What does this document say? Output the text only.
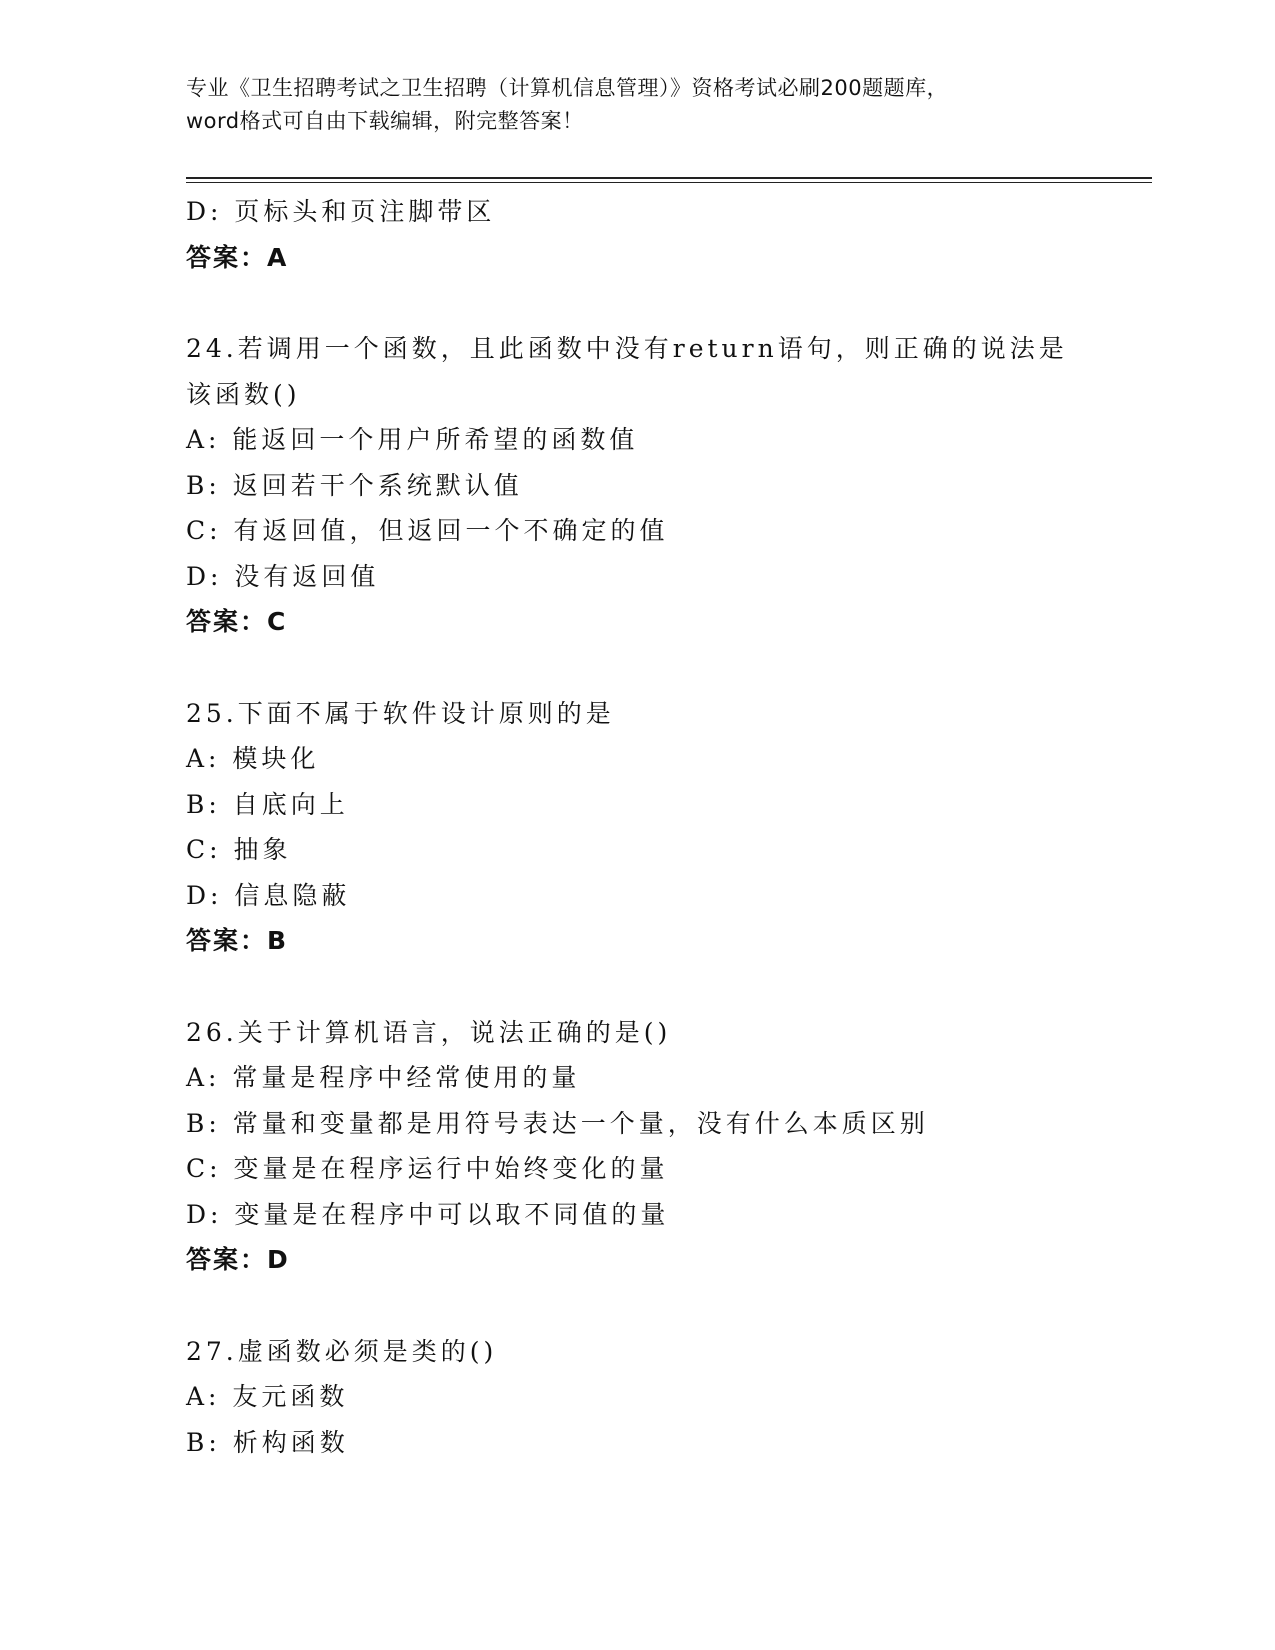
专业《卫生招聘考试之卫生招聘（计算机信息管理）》资格考试必刷200题题库，
word格式可自由下载编辑，附完整答案！
D: 页标头和页注脚带区
答案：A
24.若调用一个函数，且此函数中没有return语句，则正确的说法是
该函数()
A: 能返回一个用户所希望的函数值
B: 返回若干个系统默认值
C: 有返回值，但返回一个不确定的值
D: 没有返回值
答案：C
25.下面不属于软件设计原则的是
A: 模块化
B: 自底向上
C: 抽象
D: 信息隐蔽
答案：B
26.关于计算机语言，说法正确的是()
A: 常量是程序中经常使用的量
B: 常量和变量都是用符号表达一个量，没有什么本质区别
C: 变量是在程序运行中始终变化的量
D: 变量是在程序中可以取不同值的量
答案：D
27.虚函数必须是类的()
A: 友元函数
B: 析构函数
